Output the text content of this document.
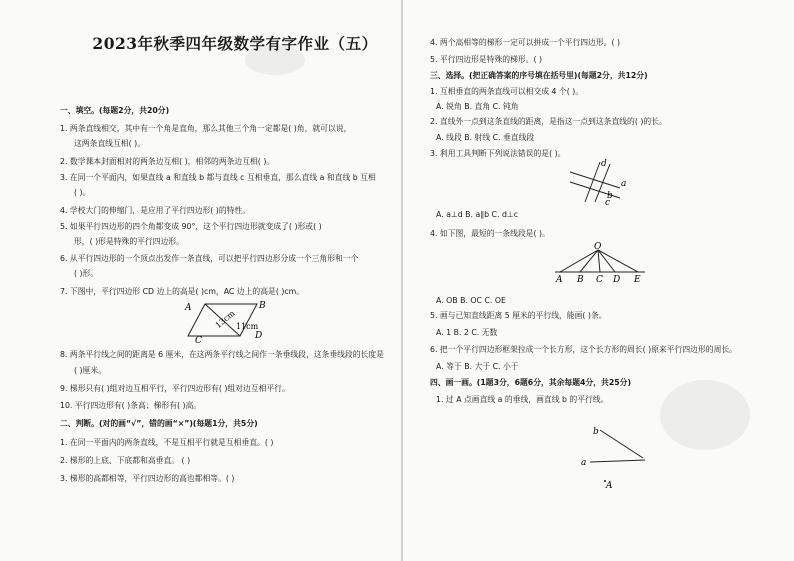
2023年秋季四年级数学有字作业（五）
一、填空。(每题2分，共20分)
1. 两条直线相交，其中有一个角是直角，那么其他三个角一定都是( )角，就可以说，
这两条直线互相( )。
2. 数学课本封面相对的两条边互相( )，相邻的两条边互相( )。
3. 在同一个平面内，如果直线 a 和直线 b 都与直线 c 互相垂直，那么直线 a 和直线 b 互相
( )。
4. 学校大门的伸缩门，是应用了平行四边形( )的特性。
5. 如果平行四边形的四个角都变成 90°，这个平行四边形就变成了( )形或( )
形，( )形是特殊的平行四边形。
6. 从平行四边形的一个顶点出发作一条直线，可以把平行四边形分成一个三角形和一个
( )形。
7. 下图中，平行四边形 CD 边上的高是( )cm，AC 边上的高是( )cm。
8. 两条平行线之间的距离是 6 厘米，在这两条平行线之间作一条垂线段，这条垂线段的长度是
( )厘米。
9. 梯形只有( )组对边互相平行，平行四边形有( )组对边互相平行。
10. 平行四边形有( )条高；梯形有( )高。
二、判断。(对的画“√”，错的画“×”)(每题1分，共5分)
1. 在同一平面内的两条直线，不是互相平行就是互相垂直。( )
2. 梯形的上底、下底都和高垂直。 ( )
3. 梯形的高都相等，平行四边形的高也都相等。( )
4. 两个高相等的梯形一定可以拼成一个平行四边形。( )
5. 平行四边形是特殊的梯形。( )
三、选择。(把正确答案的序号填在括号里)(每题2分，共12分)
1. 互相垂直的两条直线可以相交成 4 个( )。
A. 锐角 B. 直角 C. 钝角
2. 直线外一点到这条直线的距离，是指这一点到这条直线的( )的长。
A. 线段 B. 射线 C. 垂直线段
3. 利用工具判断下列说法错误的是( )。
A. a⊥d B. a∥b C. d⊥c
4. 如下图，最短的一条线段是( )。
A. OB B. OC C. OE
5. 画与已知直线距离 5 厘米的平行线，能画( )条。
A. 1 B. 2 C. 无数
6. 把一个平行四边形框架拉成一个长方形，这个长方形的周长( )原来平行四边形的周长。
A. 等于 B. 大于 C. 小于
四、画一画。(1题3分，6题6分，其余每题4分，共25分)
1. 过 A 点画直线 a 的垂线，画直线 b 的平行线。
A	B
C	D
13cm 11cm
d
a
b
c
O
A B C D E
b
a
A
